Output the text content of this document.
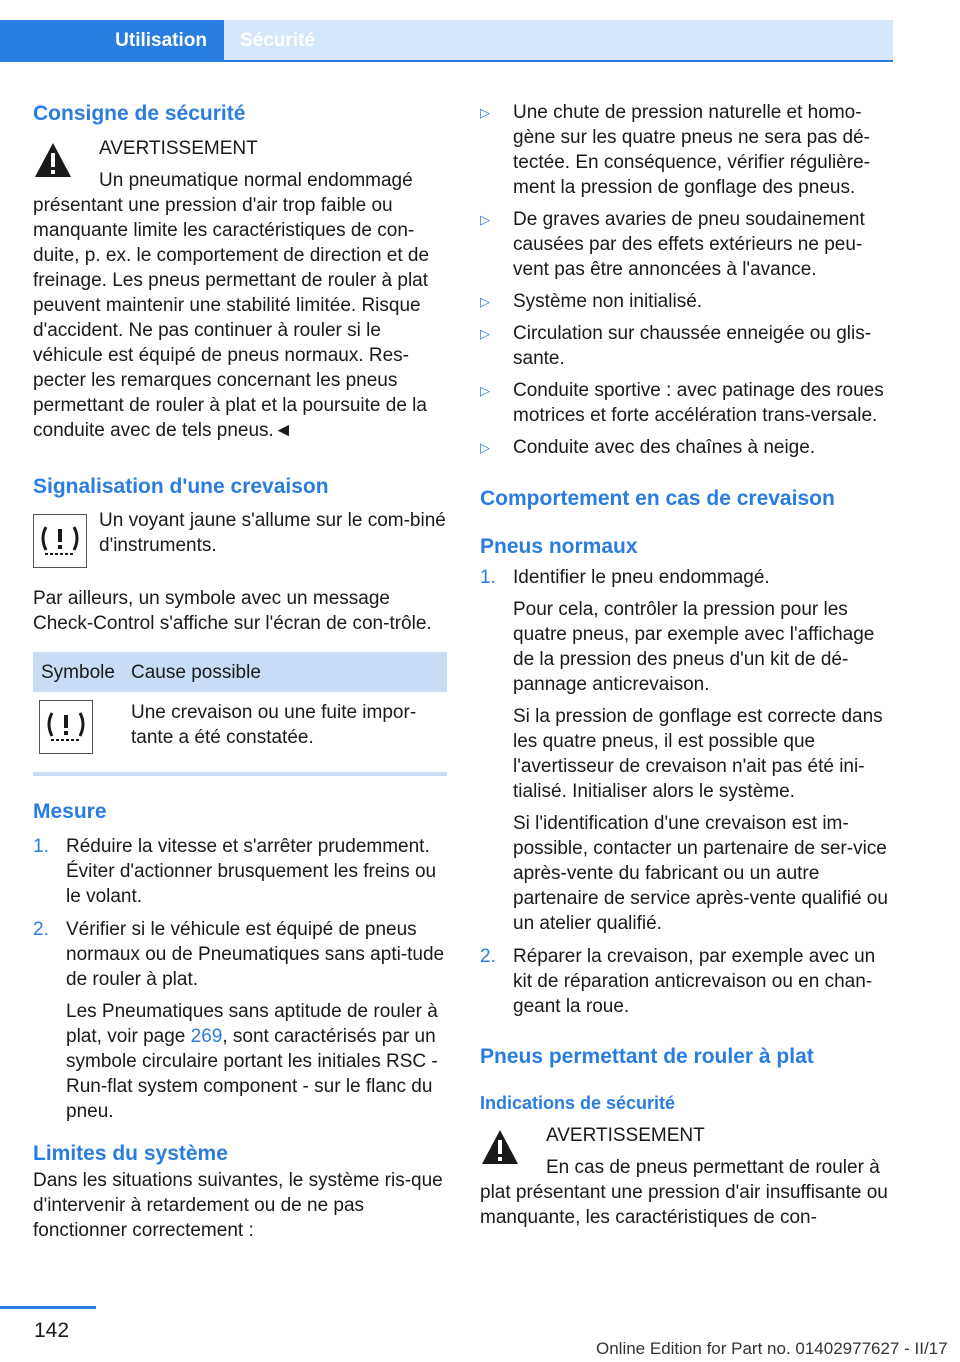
Utilisation	Sécurité
Consigne de sécurité

AVERTISSEMENT

Un pneumatique normal endommagé présentant une pression d'air trop faible ou manquante limite les caractéristiques de con-duite, p. ex. le comportement de direction et de freinage. Les pneus permettant de rouler à plat peuvent maintenir une stabilité limitée. Risque d'accident. Ne pas continuer à rouler si le véhicule est équipé de pneus normaux. Res-pecter les remarques concernant les pneus permettant de rouler à plat et la poursuite de la conduite avec de tels pneus.◄

Signalisation d'une crevaison

Un voyant jaune s'allume sur le com-biné d'instruments.

Par ailleurs, un symbole avec un message Check-Control s'affiche sur l'écran de con-trôle.

Symbole Cause possible
Une crevaison ou une fuite impor-tante a été constatée.
Mesure
1. Réduire la vitesse et s'arrêter prudemment. Éviter d'actionner brusquement les freins ou le volant.
2. Vérifier si le véhicule est équipé de pneus normaux ou de Pneumatiques sans apti-tude de rouler à plat.

Les Pneumatiques sans aptitude de rouler à plat, voir page 269, sont caractérisés par un symbole circulaire portant les initiales RSC - Run-flat system component - sur le flanc du pneu.

Limites du système

Dans les situations suivantes, le système ris-que d'intervenir à retardement ou de ne pas fonctionner correctement :

▷	Une chute de pression naturelle et homo-gène sur les quatre pneus ne sera pas dé-tectée. En conséquence, vérifier régulière-ment la pression de gonflage des pneus.
▷	De graves avaries de pneu soudainement causées par des effets extérieurs ne peu-vent pas être annoncées à l'avance.
▷	Système non initialisé.
▷	Circulation sur chaussée enneigée ou glis-sante.
▷	Conduite sportive : avec patinage des roues motrices et forte accélération trans-versale.
▷	Conduite avec des chaînes à neige.
Comportement en cas de crevaison
Pneus normaux
1. Identifier le pneu endommagé.

Pour cela, contrôler la pression pour les quatre pneus, par exemple avec l'affichage de la pression des pneus d'un kit de dé-pannage anticrevaison.

Si la pression de gonflage est correcte dans les quatre pneus, il est possible que l'avertisseur de crevaison n'ait pas été ini-tialisé. Initialiser alors le système.

Si l'identification d'une crevaison est im-possible, contacter un partenaire de ser-vice après-vente du fabricant ou un autre partenaire de service après-vente qualifié ou un atelier qualifié.

2. Réparer la crevaison, par exemple avec un kit de réparation anticrevaison ou en chan-geant la roue.
Pneus permettant de rouler à plat
Indications de sécurité

AVERTISSEMENT

En cas de pneus permettant de rouler à plat présentant une pression d'air insuffisante ou manquante, les caractéristiques de con-

142
Online Edition for Part no. 01402977627 - II/17
